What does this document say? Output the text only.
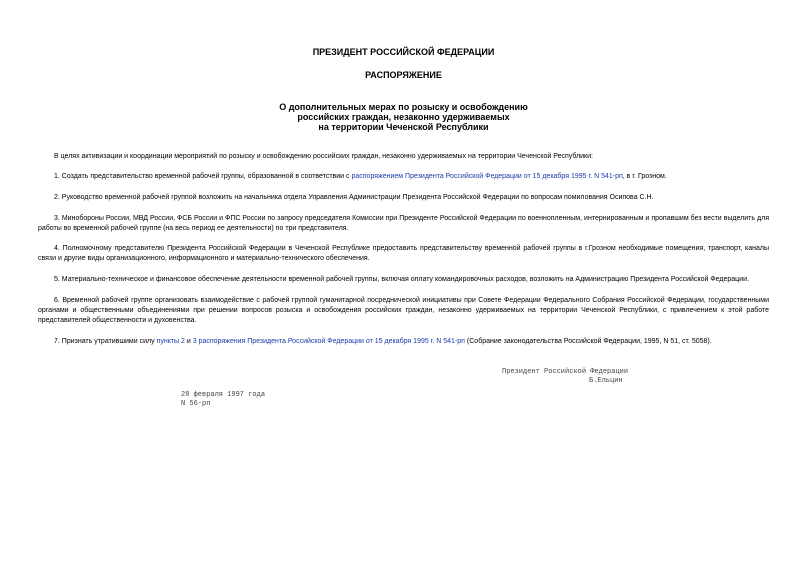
ПРЕЗИДЕНТ РОССИЙСКОЙ ФЕДЕРАЦИИ
РАСПОРЯЖЕНИЕ
О дополнительных мерах по розыску и освобождению
российских граждан, незаконно удерживаемых
на территории Чеченской Республики
В целях активизации и координации мероприятий по розыску и освобождению российских граждан, незаконно удерживаемых на территории Чеченской Республики:
1. Создать представительство временной рабочей группы, образованной в соответствии с распоряжением Президента Российской Федерации от 15 декабря 1995 г. N 541-рп, в г. Грозном.
2. Руководство временной рабочей группой возложить на начальника отдела Управления Администрации Президента Российской Федерации по вопросам помилования Осипова С.Н.
3. Минобороны России, МВД России, ФСБ России и ФПС России по запросу председателя Комиссии при Президенте Российской Федерации по военнопленным, интернированным и пропавшим без вести выделить для работы во временной рабочей группе (на весь период ее деятельности) по три представителя.
4. Полномочному представителю Президента Российской Федерации в Чеченской Республике предоставить представительству временной рабочей группы в г.Грозном необходимые помещения, транспорт, каналы связи и другие виды организационного, информационного и материально-технического обеспечения.
5. Материально-техническое и финансовое обеспечение деятельности временной рабочей группы, включая оплату командировочных расходов, возложить на Администрацию Президента Российской Федерации.
6. Временной рабочей группе организовать взаимодействие с рабочей группой гуманитарной посреднической инициативы при Совете Федерации Федерального Собрания Российской Федерации, государственными органами и общественными объединениями при решении вопросов розыска и освобождения российских граждан, незаконно удерживаемых на территории Чеченской Республики, с привлечением к этой работе представителей общественности и духовенства.
7. Признать утратившими силу пункты 2 и 3 распоряжения Президента Российской Федерации от 15 декабря 1995 г. N 541-рп (Собрание законодательства Российской Федерации, 1995, N 51, ст. 5058).
Президент Российской Федерации
Б.Ельцин
28 февраля 1997 года
N 56-рп
